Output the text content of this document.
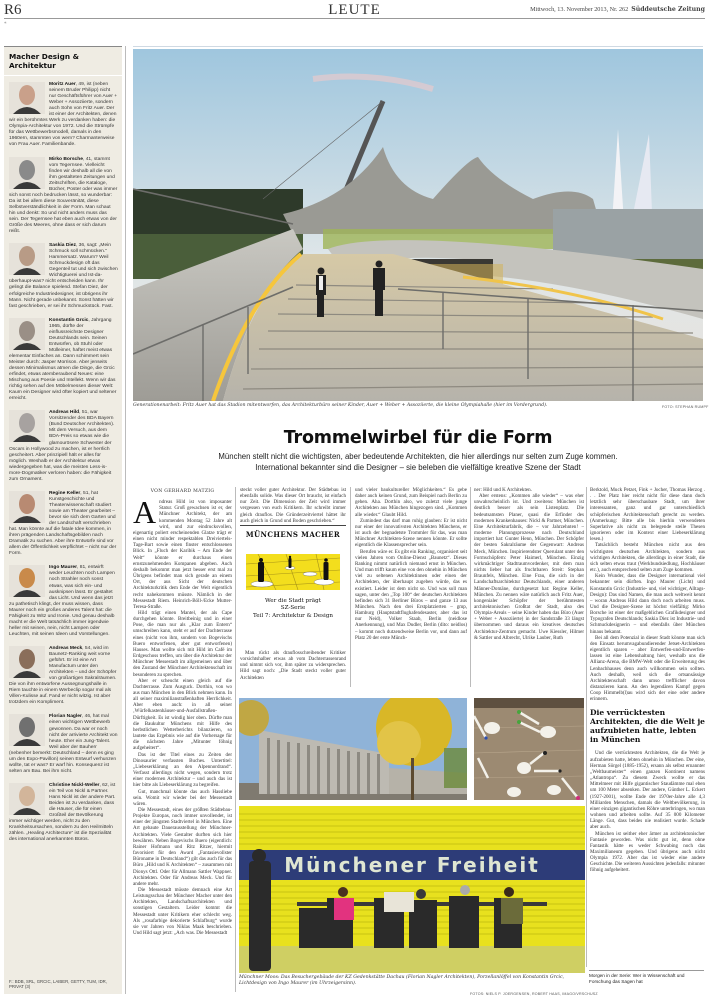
R6	LEUTE	Mittwoch, 13. November 2013, Nr. 262 Süddeutsche Zeitung
*
Macher Design & Architektur
Moritz Auer, 49, ist (neben seinem Bruder Philipp) nicht nur Geschäftsführer von Auer + Weber + Assoziierte, sondern auch Sohn von Fritz Auer. Der ist einer der Architekten, denen wir ein berühmtes Werk zu verdanken haben: die Olympia-Architektur von 1972. Und die Strümpfe für das Wettbewerbsmodell, damals in den 1960ern, stammten von wem? Charmanterweise von Frau Auer. Familienbande.
Mirko Borsche, 41, stammt vom Tegernsee. Vielleicht finden wir deshalb all die von ihm gestalteten Zeitungen und Zeitschriften, die Kataloge, Bücher, Poster oder was immer sich sonst noch bedrucken lässt, so wunderbar: Da ist bei allem diese Souveränität, diese Selbstverständlichkeit in der Form. Man schaut hin und denkt: So und nicht anders muss das sein. Der Tegernsee hat eben auch etwas von der Größe des Meeres, ohne dass er sich darum reißt.
Saskia Diez, 36, sagt: „Mein Schmuck soll schmücken.“ Hammersatz. Warum? Weil Schmuckdesign oft das Gegenteil tut und sich zwischen Wichtigtuerei und Ist-da-überhaupt-was? nicht entscheiden kann. Ihr gelingt die Balance spielend. Stefan Diez, der erfolgreiche Industriedesigner, ist übrigens ihr Mann. Nicht gerade unbekannt. Sonst hätten wir fast geschrieben, er sei ihr Schmuckstück. Fast.
Konstantin Grcic, Jahrgang 1965, dürfte der einflussreichste Designer Deutschlands sein. Seinen Entwürfen, ob Stuhl oder Mülleimer, haftet meist etwas elementar Einfaches an. Dann schimmert sein Meister durch: Jasper Morrison. Aber jenseits dessen Minimalismus atmen die Dinge, die Grcic erfindet, etwas atemberaubend Neues: eine Mischung aus Poesie und Intellekt. Wenn wir das richtig sehen auf den Möbelmessen dieser Welt: Kaum ein Designer wird öfter kopiert und seltener erreicht.
Andreas Hild, 51, war Vorsitzender des BDA Bayern (Bund Deutscher Architekten). Mit dem Versuch, aus dem BDA-Preis so etwas wie die glamourösere Schwester der Oscars in Hollywood zu machen, ist er herrlich gescheitert. Aber prinzipiell hält er alles für möglich. Weshalb er der Architektur etwas wiedergegeben hat, was die meisten Less-is-more-Dogmatiker verloren haben: die Fähigkeit zum Ornament.
Regine Keller, 51, hat Kunstgeschichte und Theaterwissenschaft studiert sowie am Theater gearbeitet – bevor sie sich dem Garten und der Landschaft verschrieben hat. Man könnte auf die fatale Idee kommen, in ihren prägenden Landschaftsgebilden nach Dramatik zu suchen. Aber ihre Entwürfe sind vor allem der Öffentlichkeit verpflichtet – nicht nur der Form.
Ingo Maurer, 81, entwirft weder Leuchten noch Lampen noch Strahler noch sonst etwas, was sich ein- und ausknipsen lässt. Er gestaltet das Licht. Und wenn das jetzt zu pathetisch klingt, der muss wissen, dass Maurer noch ein großes anderes Talent hat: die Fähigkeit zu Witz und Ironie. Und genau deshalb macht er die Welt tatsächlich immer irgendwie heller mit seinen, nein, nicht Lampen oder Leuchten, mit seinen Ideen und Vorstellungen.
Andreas Meck, 54, wird im Baunetz-Ranking weit vorne geführt. Er ist eine Art Manufactum unter den Architekten – und der Schöpfer von großartigen Sakralräumen. Die von ihm entworfene Aussegnungshalle in Riem tauchte in einem Werbeclip sogar mal als Villen-Kulisse auf. Fand er nicht witzig. Ist aber trotzdem ein Kompliment.
Florian Nagler, 46, hat mal einen wichtigen Wettbewerb gewonnen. Da war er noch nicht der arrivierte Architekt von heute. Eher ein Jung-Talent. Weil aber der Bauherr (nebenher bemerkt: Deutschland – denn es ging um den Expo-Pavillon) seinen Entwurf verhunzen wollte, tat er was? Er warf hin. Konsequenz ist selten am Bau. Bei ihm nicht.
Christine Nickl-Weller, 62, ist ein Teil von Nickl & Partner. Hans Nickl ist der andere Part. Beiden ist zu verdanken, dass die Häuser, die für einen Großteil der Bevölkerung immer wichtiger werden, nicht zu den Krankheitsursachen, sondern zu den Heilmitteln zählen. „Healing Architecture“ ist die Spezialität des international anerkannten Büros.
F.: BDB, SRL, GRCIC, LAIBER, GETTY, TUM, IDR, PRIVAT (3)
Generationenarbeit: Fritz Auer hat das Stadion mitentworfen, das Architekturbüro seiner Kinder, Auer + Weber + Assoziierte, die kleine Olympiahalle (hier im Vordergrund).	FOTO: STEPHAN RUMPF
Trommelwirbel für die Form
München stellt nicht die wichtigsten, aber bedeutende Architekten, die hier allerdings nur selten zum Zuge kommen.
International bekannter sind die Designer – sie beleben die vielfältige kreative Szene der Stadt
VON GERHARD MATZIG
A ndreas Hild ist von imposanter Statur. Groß gewachsen ist er, der Münchner Architekt, der am kommenden Montag 52 Jahre alt wird, und zur eindrucksvollen, eigenartig poliert erscheinenden Glatze trägt er einen nicht minder respektablen Dreiviertels-Tage-Bart sowie einen finster entschlossenen Blick. In „Fluch der Karibik – Am Ende der Welt“ könnte er durchaus einen ernstzunehmenden Kompanen abgeben. Auch deshalb bekommt man jetzt besser erst mal zu Übrigens befindet man sich gerade an einem Ort, der aus Sicht der deutschen Architekturkritik dem Ende der Welt eigentlich recht nahekommen müsste. Nämlich in der Messestadt Riem. Heinrich-Böll-/Ecke Mutter-Teresa-Straße.

Hild trägt einen Mantel, der als Cape durchgehen könnte. Breitbeinig und in einer Pose, die man nur als „Klar zum Entern“ umschreiben kann, steht er auf der Dachterrasse eines (nicht von ihm, sondern von Bogevischs Buero entworfenen, aber gut entworfenen) Hauses. Man wollte sich mit Hild im Café im Erdgeschoss treffen, um über die Architektur der Münchner Messestadt im allgemeinen und über den Zustand der Münchner Architektenschaft im besonderen zu sprechen.

Aber er scheucht einen gleich auf die Dachterrasse. Zum Ausguck. Dorthin, von wo aus man München in den Blick nehmen kann. In all seiner maximilianstraßenhaften Herrlichkeit. Aber eben auch: in all seiner ‚Würfelkastenhäuser-und-Ausfallstraßen-Dürftigkeit. Es ist windig hier oben. Dürfte man die Baukultur Münchens mit Hilfe des herbstlichen Wetterberichts bilanzieren, so lautete das Ergebnis wie auf die Vorhersage für die nächsten Jahre „Mitunter föhnig aufgeheitert“.

Das ist der Titel eines zu Zeiten der Dinosaurier verfassten Buches. Untertitel: „Liebeserklärung an den Alpennordrand“. Verfasst allerdings nicht wegen, sondern trotz einer modernen Architektur – und auch das ist hier bitte als Liebeserklärung zu begreifen.

Gut, manchmal könnte das auch Hassliebe sein. Womit wir wieder bei der Messestadt wären.

Die Messestadt, eines der größten Städtebau-Projekte Europas, noch immer unvollendet, ist einer der jüngsten Stadtviertel in München. Eine Art gebaute Dauerausstellung der Münchner-Architekten. Viele Gestalter durften sich hier bewähren. Neben Bogevischs Buero (eigentlich: Rainer Hofmann und Ritz Ritzer, hiermit favorisiert für den Award „Fantasievollster Büroname in Deutschland“) gilt das auch für das Büro „Hild und K Architekten“ – zusammen mit Dionys Ottl. Oder für Allmann Sattler Wappner. Architekten. Oder für Andreas Meck. Und für andere mehr.

Die Messestadt müsste demnach eine Art Leistungsschau der Münchner Macher unter den Architekten, Landschaftsarchitekten und sonstigen Gestaltern. Leider kommt die Messestadt unter Kritikern eher schlecht weg. Als „rosafarbige dekorierte Schlafburg“ wurde sie vor Jahren von Niklas Maak beschrieben. Und Hild sagt jetzt: „Ach was. Die Messestadt

steckt voller guter Architektur. Der Städtebau ist ebenfalls solide. Was dieser Ort braucht, ist einfach nur Zeit. Die Dimension der Zeit wird immer vergessen von euch Kritikern. Ihr schreibt immer gleich drauflos. Die Gründerzeitviertel hättet ihr auch gleich in Grund und Boden geschrieben.“

MÜNCHENS MACHER
Wer die Stadt prägt
SZ-Serie
Teil 7: Architektur & Design

Man rückt als drauflosschreibender Kritiker vorsichtshalber etwas ab vom Dachterrassenrand und nimmt sich vor, ihm später zu widersprechen. Hild sagt noch: „Die Stadt steckt voller guter Architekten

und vieler baukultureller Möglichkeiten.“ Es gebe daher auch keinen Grund, zum Beispiel nach Berlin zu gehen. Aha. Dorthin also, wo zuletzt viele junge Architekten aus München hingezogen sind. „Kommen alle wieder.“ Glaubt Hild.

Zumindest das darf man ruhig glauben: Er ist nicht nur einer der innovativsten Architekten Münchens, er ist auch der begnadetste Trommler für das, was man Münchner Architekten-Szene nennen könnte. Er sollte eigentlich die Klassensprecher sein.

Berufen wäre er. Es gibt ein Ranking, organisiert seit vielen Jahren vom Online-Dienst „Baunetz“. Dieses Ranking nimmt natürlich niemand ernst in München. Und man trifft kaum eine von den ohnehin in München viel zu seltenen Architektinnen oder einen der Architekten, der überhaupt zugeben würde, das es existiert. Leider ist dem nicht so. Und was soll man sagen, unter den „Top 100“ der deutschen Architekten befinden sich 31 Berliner Büros – und ganze 13 aus München. Nach den drei Erstplatzierten – gmp, Hamburg (Hauptstadtflughafendesaster, aber das ist nur Neid), Volker Staab, Berlin (neidlose Anerkennung), und Max Dudler, Berlin (dito: neidlos) – kommt noch dutzendweise Berlin vor, und dann auf Platz 20 der erste Münch-

ner: Hild und K Architekten.

Aber erstens: „Kommen alle wieder“ – was eher unwahrscheinlich ist. Und zweitens: München ist deutlich besser als sein Listenplatz. Die bedeutsamsten Planer, quasi die Erfinder des modernen Krankenhauses: Nickl & Partner, München. Eine Architekturfabrik, die – vor Jahrzehnten! – moderne Planungsprozesse nach Deutschland importiert hat: Gunter Henn, München. Der Schöpfer der besten Sakralräume der Gegenwart: Andreas Meck, München. Inspirierendster Querulant unter den Formschöpfern: Peter Haimerl, München. Einzig wirkmächtiger Stadtraumvordenker, mit dem man nichts lieber hat als fruchtbaren Streit: Stephan Braunfels, München. Eine Frau, die sich in der Landschaftsarchitektur Deutschlands, einer anderen Männer-Domäne, durchgesetzt hat: Regine Keller, München. Zu nennen wäre natürlich auch Fritz Auer, kongenialer Schöpfer der berühmtesten architektonischen Großtat der Stadt, also des Olympia-Areals – seine Kinder haben das Büro (Auer + Weber + Assoziierte) in der Sandstraße 33 längst übernommen und daraus ein kreatives deutsches Architektur-Zentrum gemacht. Uwe Kiessler, Hilmer & Sattler und Albrecht, Ulrike Lauber, Ruth

Berktold, Muck Petzet, Fink + Jocher, Thomas Herzog . . . Der Platz hier reicht nicht für diese dann doch letztlich sehr überschaubare Stadt, um ihrer interessanten, ganz und gar unterschiedlich schöpferischen Architektenschaft gerecht zu werden. (Anmerkung: Bitte alle bis hierhin verwendeten Superlative als nicht zu belegende steile Thesen ignorieren oder im Kontext einer Liebeserklärung lesen.)

Tatsächlich besteht München nicht aus den wichtigsten deutschen Architekten, sondern aus wichtigen Architekten, die allerdings in einer Stadt, die sich selten etwas traut (Werkbundsiedlung, Hochhäuser etc.), auch entsprechend selten zum Zuge kommen.

Kein Wunder, dass die Designer international viel bekannter sein dürften. Ingo Maurer (Licht) und Konstantin Grcic (Industrie- und, viel wichtiger, Alltags-Design): Das sind Namen, die man auch weltweit kennt – woran Andreas Hild dann doch noch arbeiten muss. Und die Designer-Szene ist höchst vielfältig: Mirko Borsche ist einer der maßgeblichen Grafikdesigner und Typografen Deutschlands; Saskia Diez ist Industrie- und Schmuckdesignerin – und ebenfalls über München hinaus bekannt.

Bei all dem Potenzial in dieser Stadt könnte man sich den Einsatz herumvagabundierender Jetset-Architekten eigentlich sparen – aber Entwerfen-und-Entwerfen-lassen ist eine Lebenshaltung hier, weshalb uns die Allianz-Arena, die BMW-Welt oder die Erweiterung des Lenbachhauses denn auch willkommen sein sollten. Auch deshalb, weil sich die ortsansässige Architektenschaft dann umso trefflicher davon distanzieren kann. An den legendären Kampf gegen Coop Himmelb(l)au wird sich der eine oder andere erinnern.

Die verrücktesten Architekten, die die Welt je aufzubieten hatte, lebten in München

Und die verrücktesten Architekten, die die Welt je aufzubieten hatte, lebten ohnehin in München. Der eine, Herman Sörgel (1885-1952), ersann als selbst ernannter „Weltbaumeister“ einen ganzen Kontinent namens „Atlantropa“. Zu diesem Zweck wollte er das Mittelmeer mit Hilfe gigantischer Staudämme mal eben um 100 Meter absenken. Der andere, Günther L. Eckert (1927-2001), wollte Ende der 1970er-Jahre alle 4,3 Milliarden Menschen, damals die Weltbevölkerung, in einer einzigen gigantischen Röhre unterbringen, wo man wohnen und arbeiten sollte. Auf 35 000 Kilometer Länge. Gut, dass beides nie realisiert wurde. Schade aber auch.

München ist seither eher ärmer an architektonischer Fantasie geworden. Was nicht gut ist, denn ohne Fantastik hätte es weder Schwabing noch das Maximilianeum gegeben. Und übrigens auch nicht Olympia 1972. Aber das ist wieder eine andere Geschichte. Die weiteren Aussichten jedenfalls: mitunter föhnig aufgeheitert.

Morgen in der Serie: Wer in Wissenschaft und Forschung das Sagen hat
Münchener Freiheit
Münchner Moos: Das Besuchergebäude der KZ Gedenkstätte Dachau (Florian Nagler Architekten), Porzellanlöffel von Konstantin Grcic, Lichtdesign von Ingo Maurer (im Uhrzeigersinn).
FOTOS: NIELS P. JOERGENSEN, ROBERT HAAS, IMAGO/VRSCHUSZ
